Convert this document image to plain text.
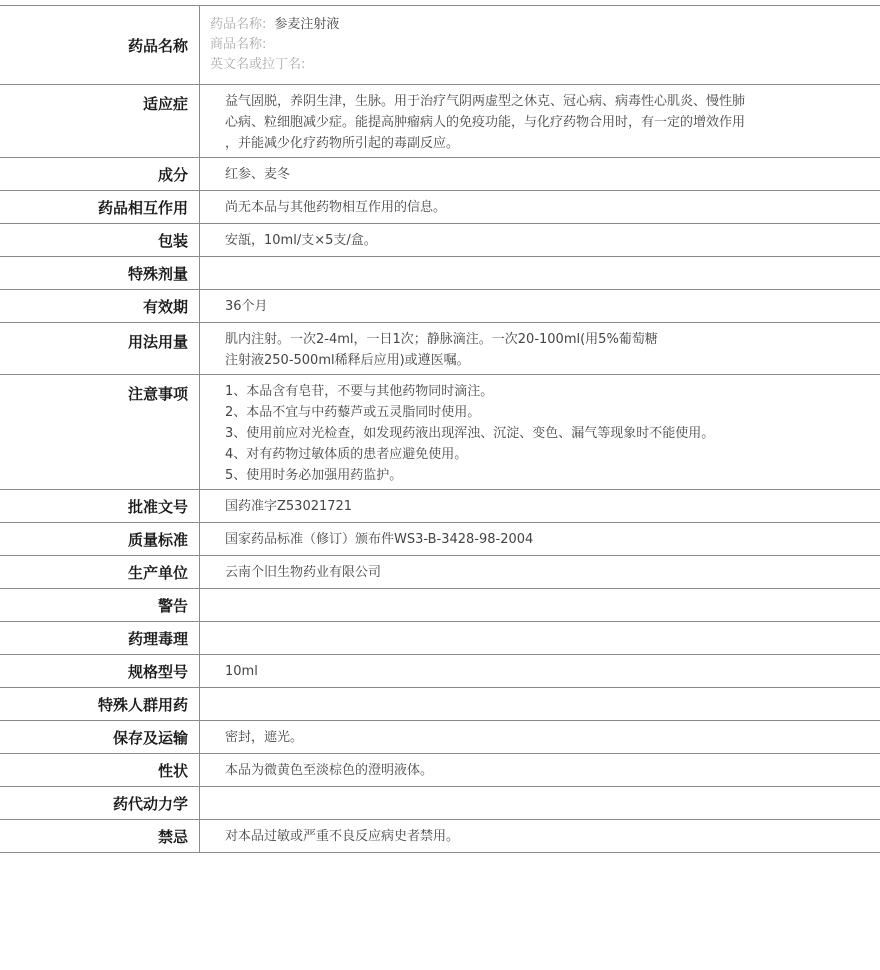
药品名称
药品名称: 参麦注射液
商品名称:
英文名或拉丁名:
适应症	益气固脱，养阴生津，生脉。用于治疗气阴两虚型之休克、冠心病、病毒性心肌炎、慢性肺
心病、粒细胞减少症。能提高肿瘤病人的免疫功能，与化疗药物合用时，有一定的增效作用
，并能减少化疗药物所引起的毒副反应。
成分	红参、麦冬
药品相互作用	尚无本品与其他药物相互作用的信息。
包装	安瓿，10ml/支×5支/盒。
特殊剂量
有效期	36个月
用法用量	肌内注射。一次2-4ml，一日1次；静脉滴注。一次20-100ml(用5%葡萄糖
注射液250-500ml稀释后应用)或遵医嘱。
注意事项	1、本品含有皂苷，不要与其他药物同时滴注。
2、本品不宜与中药藜芦或五灵脂同时使用。
3、使用前应对光检查，如发现药液出现浑浊、沉淀、变色、漏气等现象时不能使用。
4、对有药物过敏体质的患者应避免使用。
5、使用时务必加强用药监护。
批准文号	国药准字Z53021721
质量标准	国家药品标准（修订）颁布件WS3-B-3428-98-2004
生产单位	云南个旧生物药业有限公司
警告
药理毒理
规格型号	10ml
特殊人群用药
保存及运输	密封，遮光。
性状	本品为微黄色至淡棕色的澄明液体。
药代动力学
禁忌	对本品过敏或严重不良反应病史者禁用。
